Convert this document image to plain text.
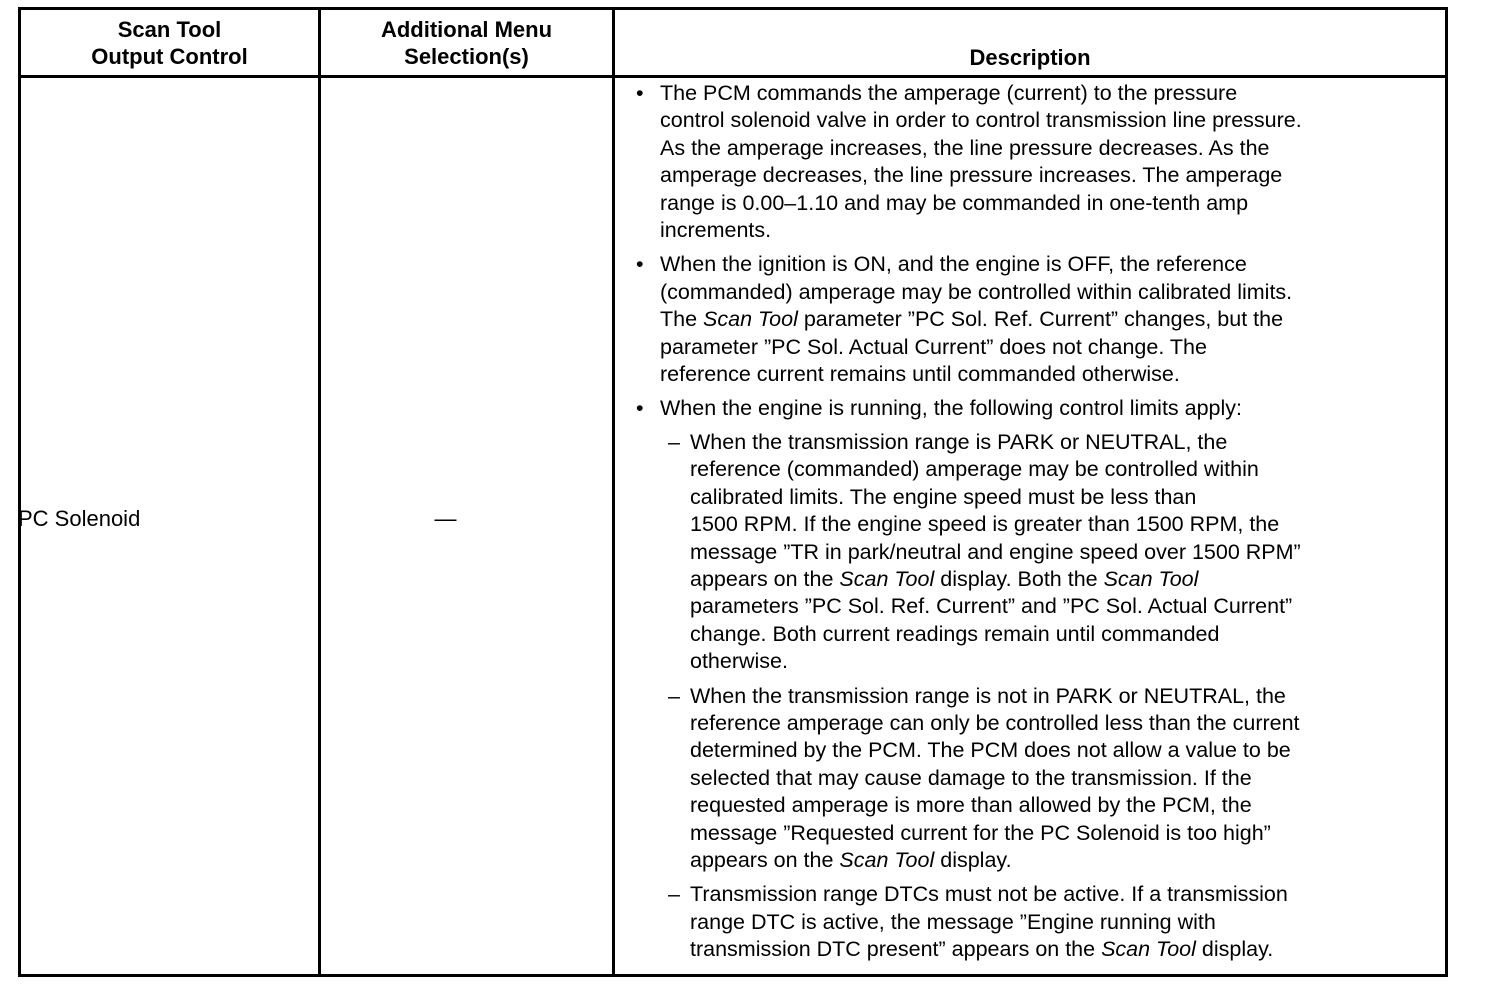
Scan Tool
Output Control
Additional Menu
Selection(s)	Description
PC Solenoid	—
• The PCM commands the amperage (current) to the pressure
control solenoid valve in order to control transmission line pressure.
As the amperage increases, the line pressure decreases. As the
amperage decreases, the line pressure increases. The amperage
range is 0.00–1.10 and may be commanded in one-tenth amp
increments.
• When the ignition is ON, and the engine is OFF, the reference
(commanded) amperage may be controlled within calibrated limits.
The Scan Tool parameter ”PC Sol. Ref. Current” changes, but the
parameter ”PC Sol. Actual Current” does not change. The
reference current remains until commanded otherwise.
• When the engine is running, the following control limits apply:
– When the transmission range is PARK or NEUTRAL, the
reference (commanded) amperage may be controlled within
calibrated limits. The engine speed must be less than
1500 RPM. If the engine speed is greater than 1500 RPM, the
message ”TR in park/neutral and engine speed over 1500 RPM”
appears on the Scan Tool display. Both the Scan Tool
parameters ”PC Sol. Ref. Current” and ”PC Sol. Actual Current”
change. Both current readings remain until commanded
otherwise.
– When the transmission range is not in PARK or NEUTRAL, the
reference amperage can only be controlled less than the current
determined by the PCM. The PCM does not allow a value to be
selected that may cause damage to the transmission. If the
requested amperage is more than allowed by the PCM, the
message ”Requested current for the PC Solenoid is too high”
appears on the Scan Tool display.
– Transmission range DTCs must not be active. If a transmission
range DTC is active, the message ”Engine running with
transmission DTC present” appears on the Scan Tool display.
